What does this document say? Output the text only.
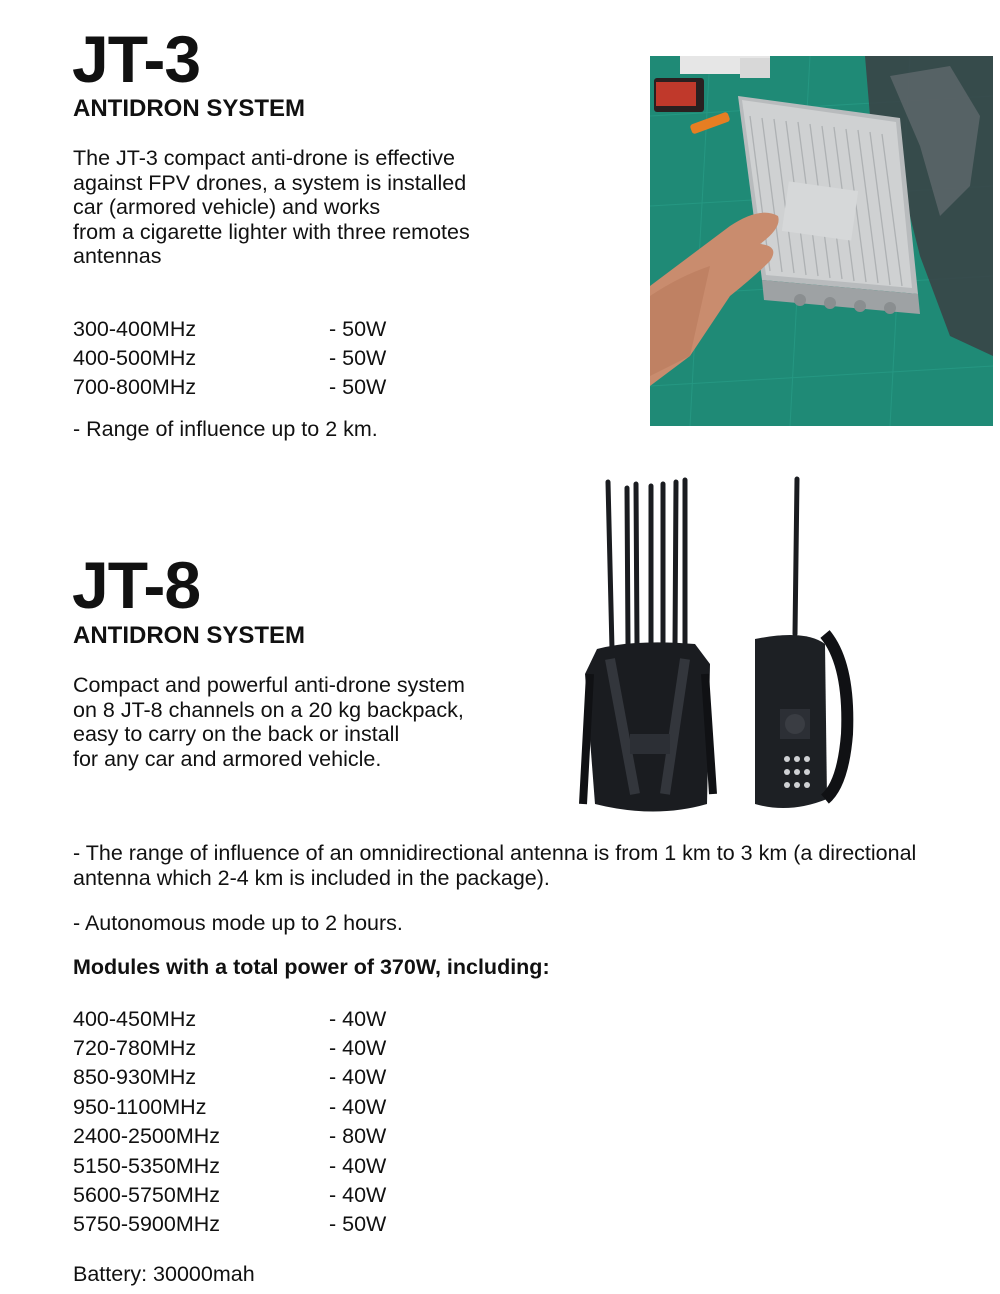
JT-3
ANTIDRON SYSTEM
The JT-3 compact anti-drone is effective
against FPV drones, a system is installed
car (armored vehicle) and works
from a cigarette lighter with three remotes
antennas
300-400MHz	- 50W
400-500MHz	- 50W
700-800MHz	- 50W
- Range of influence up to 2 km.
JT-8
ANTIDRON SYSTEM
Compact and powerful anti-drone system
on 8 JT-8 channels on a 20 kg backpack,
easy to carry on the back or install
for any car and armored vehicle.
- The range of influence of an omnidirectional antenna is from 1 km to 3 km (a directional
antenna which 2-4 km is included in the package).
- Autonomous mode up to 2 hours.
Modules with a total power of 370W, including:
400-450MHz	- 40W
720-780MHz	- 40W
850-930MHz	- 40W
950-1100MHz	- 40W
2400-2500MHz	- 80W
5150-5350MHz	- 40W
5600-5750MHz	- 40W
5750-5900MHz	- 50W
Battery: 30000mah
